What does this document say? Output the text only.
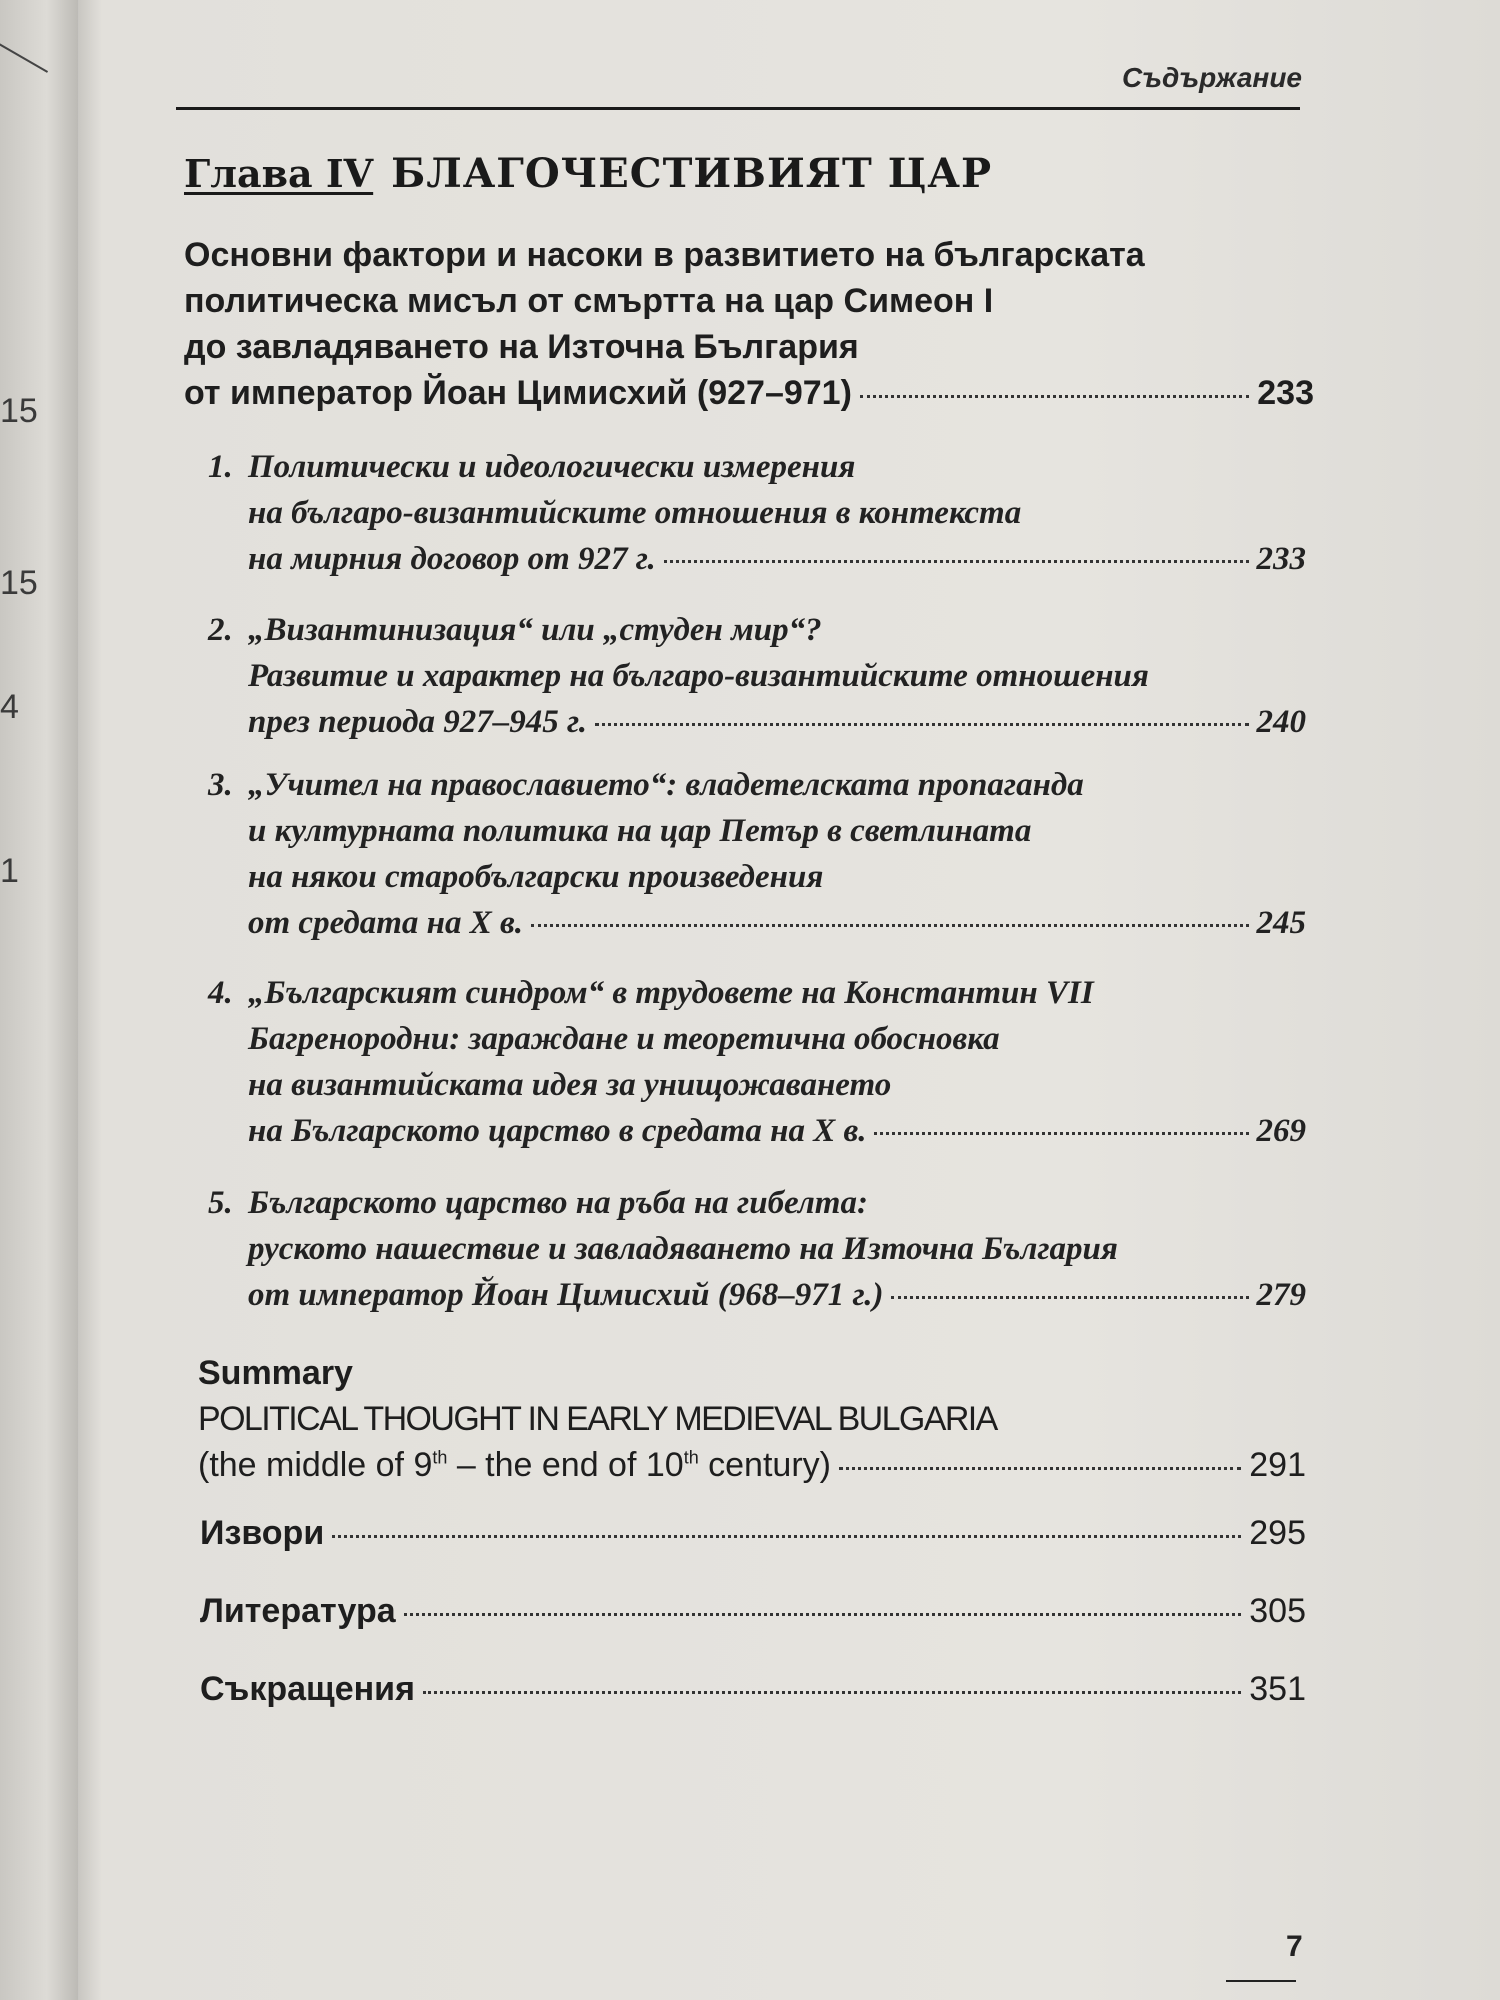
15
15
4
1
Съдържание
Глава IV БЛАГОЧЕСТИВИЯТ ЦАР
Основни фактори и насоки в развитието на българската
политическа мисъл от смъртта на цар Симеон I
до завладяването на Източна България
от император Йоан Цимисхий (927–971)	233
1. Политически и идеологически измерения
на българо-византийските отношения в контекста
на мирния договор от 927 г.	233
2. „Византинизация“ или „студен мир“?
Развитие и характер на българо-византийските отношения
през периода 927–945 г.	240
3. „Учител на православието“: владетелската пропаганда
и културната политика на цар Петър в светлината
на някои старобългарски произведения
от средата на X в.	245
4. „Българският синдром“ в трудовете на Константин VII
Багренородни: зараждане и теоретична обосновка
на византийската идея за унищожаването
на Българското царство в средата на X в.	269
5. Българското царство на ръба на гибелта:
руското нашествие и завладяването на Източна България
от император Йоан Цимисхий (968–971 г.)	279
Summary
POLITICAL THOUGHT IN EARLY MEDIEVAL BULGARIA
(the middle of 9th – the end of 10th century)	291
Извори	295
Литература	305
Съкращения	351
7
